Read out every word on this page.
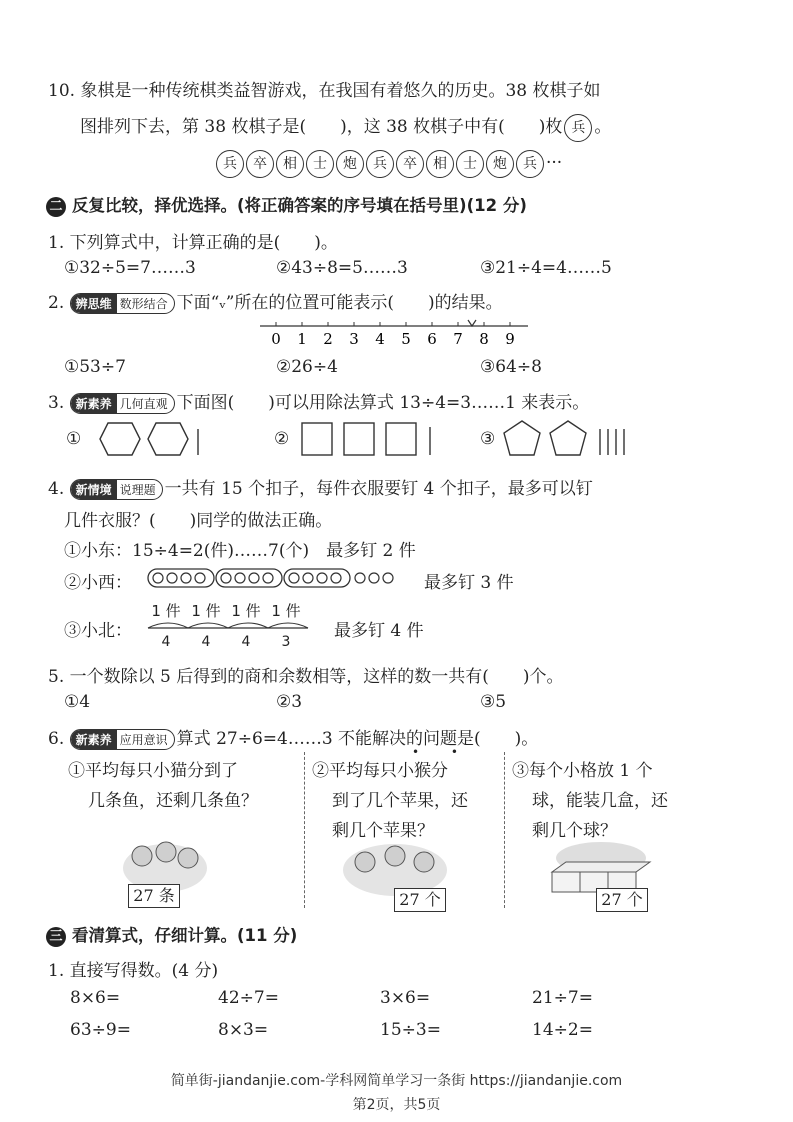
10. 象棋是一种传统棋类益智游戏，在我国有着悠久的历史。38 枚棋子如
图排列下去，第 38 枚棋子是(　　)，这 38 枚棋子中有(　　)枚 兵 。
兵 卒 相 士 炮 兵 卒 相 士 炮 兵 ···
二 反复比较，择优选择。(将正确答案的序号填在括号里)(12 分)
1. 下列算式中，计算正确的是(　　)。
①32÷5=7……3	②43÷8=5……3	③21÷4=4……5
2. 辨思维 数形结合 下面“ᵥ”所在的位置可能表示(　　)的结果。
0 1 2 3 4 5 6 7 8 9
①53÷7	②26÷4	③64÷8
3. 新素养 几何直观 下面图(　　)可以用除法算式 13÷4=3……1 来表示。
①	②	③
4. 新情境 说理题 一共有 15 个扣子，每件衣服要钉 4 个扣子，最多可以钉
几件衣服？(　　)同学的做法正确。
①小东：15÷4=2(件)……7(个)　最多钉 2 件
②小西：	最多钉 3 件
③小北：
1 件 1 件 1 件 1 件
4 4 4 3
最多钉 4 件
5. 一个数除以 5 后得到的商和余数相等，这样的数一共有(　　)个。
①4	②3	③5
6. 新素养 应用意识 算式 27÷6=4……3 不能解决的问题是(　　)。
• •
①平均每只小猫分到了
几条鱼，还剩几条鱼？
②平均每只小猴分
到了几个苹果，还
剩几个苹果？
③每个小格放 1 个
球，能装几盒，还
剩几个球？
27 条	27 个	27 个
三 看清算式，仔细计算。(11 分)
1. 直接写得数。(4 分)
8×6=	42÷7=	3×6=	21÷7=
63÷9=	8×3=	15÷3=	14÷2=
简单街-jiandanjie.com-学科网简单学习一条街 https://jiandanjie.com
第2页，共5页
